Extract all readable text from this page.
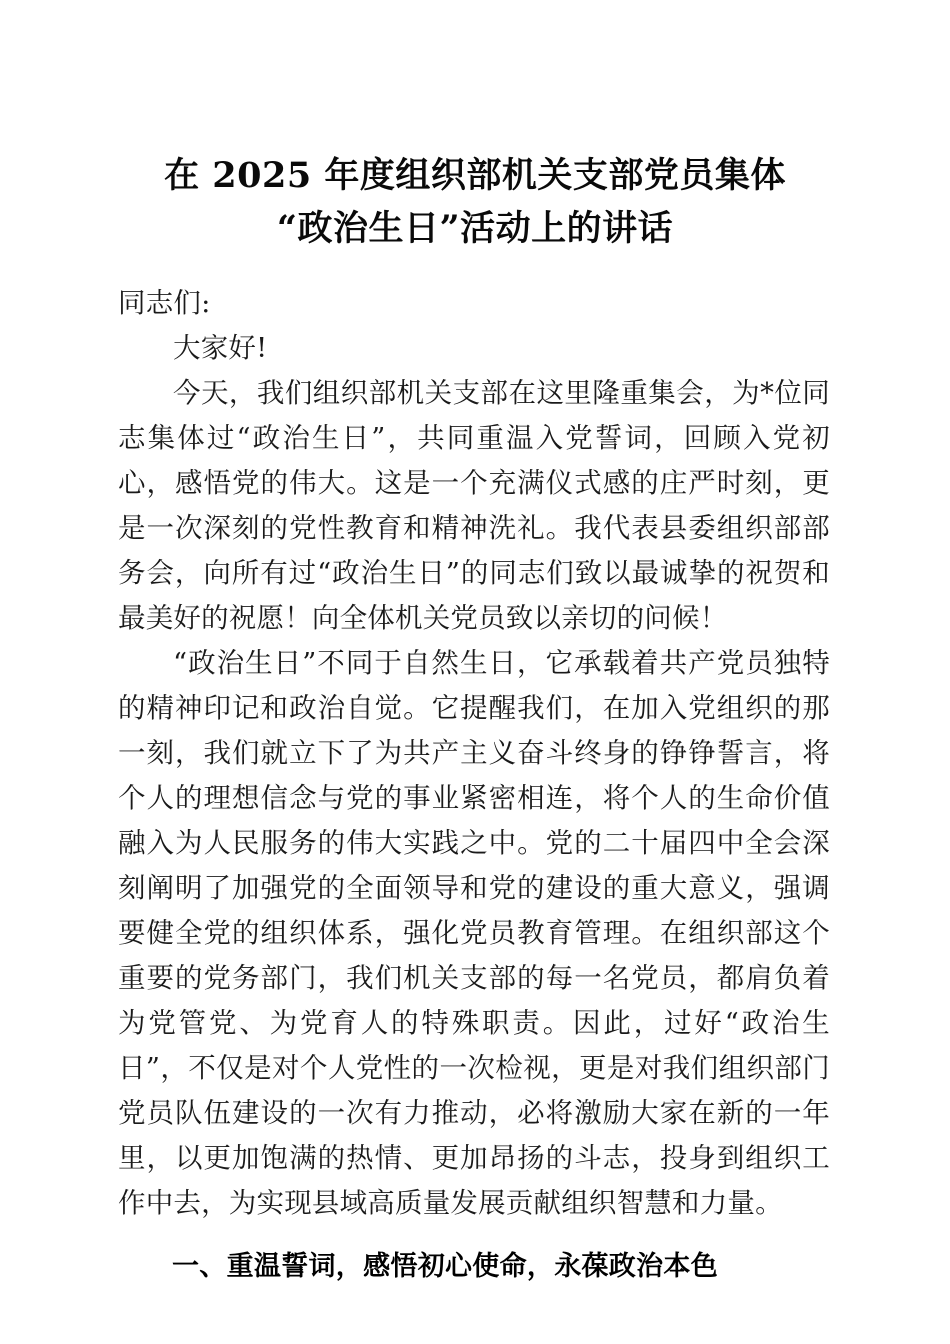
在 2025 年度组织部机关支部党员集体
“政治生日”活动上的讲话

同志们:

大家好!

今天，我们组织部机关支部在这里隆重集会，为*位同志集体过“政治生日”，共同重温入党誓词，回顾入党初心，感悟党的伟大。这是一个充满仪式感的庄严时刻，更是一次深刻的党性教育和精神洗礼。我代表县委组织部部务会，向所有过“政治生日”的同志们致以最诚挚的祝贺和最美好的祝愿！向全体机关党员致以亲切的问候！

“政治生日”不同于自然生日，它承载着共产党员独特的精神印记和政治自觉。它提醒我们，在加入党组织的那一刻，我们就立下了为共产主义奋斗终身的铮铮誓言，将个人的理想信念与党的事业紧密相连，将个人的生命价值融入为人民服务的伟大实践之中。党的二十届四中全会深刻阐明了加强党的全面领导和党的建设的重大意义，强调要健全党的组织体系，强化党员教育管理。在组织部这个重要的党务部门，我们机关支部的每一名党员，都肩负着为党管党、为党育人的特殊职责。因此，过好“政治生日”，不仅是对个人党性的一次检视，更是对我们组织部门党员队伍建设的一次有力推动，必将激励大家在新的一年里，以更加饱满的热情、更加昂扬的斗志，投身到组织工作中去，为实现县域高质量发展贡献组织智慧和力量。

一、重温誓词，感悟初心使命，永葆政治本色
